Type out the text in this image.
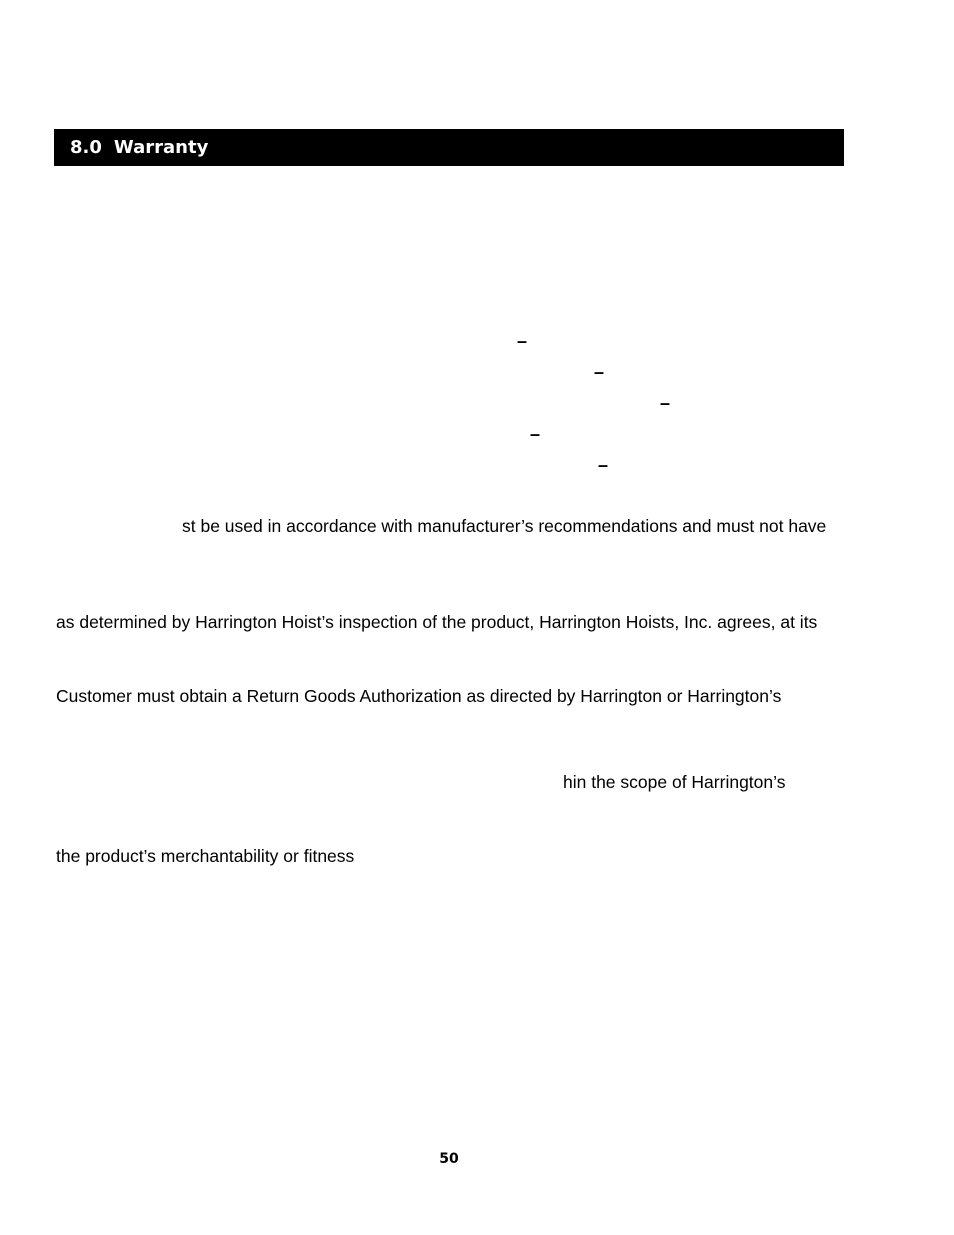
8.0 Warranty
–
–
–
–
–
st be used in accordance with manufacturer’s recommendations and must not have
as determined by Harrington Hoist’s inspection of the product, Harrington Hoists, Inc. agrees, at its
Customer must obtain a Return Goods Authorization as directed by Harrington or Harrington’s
hin the scope of Harrington’s
the product’s merchantability or fitness
50
